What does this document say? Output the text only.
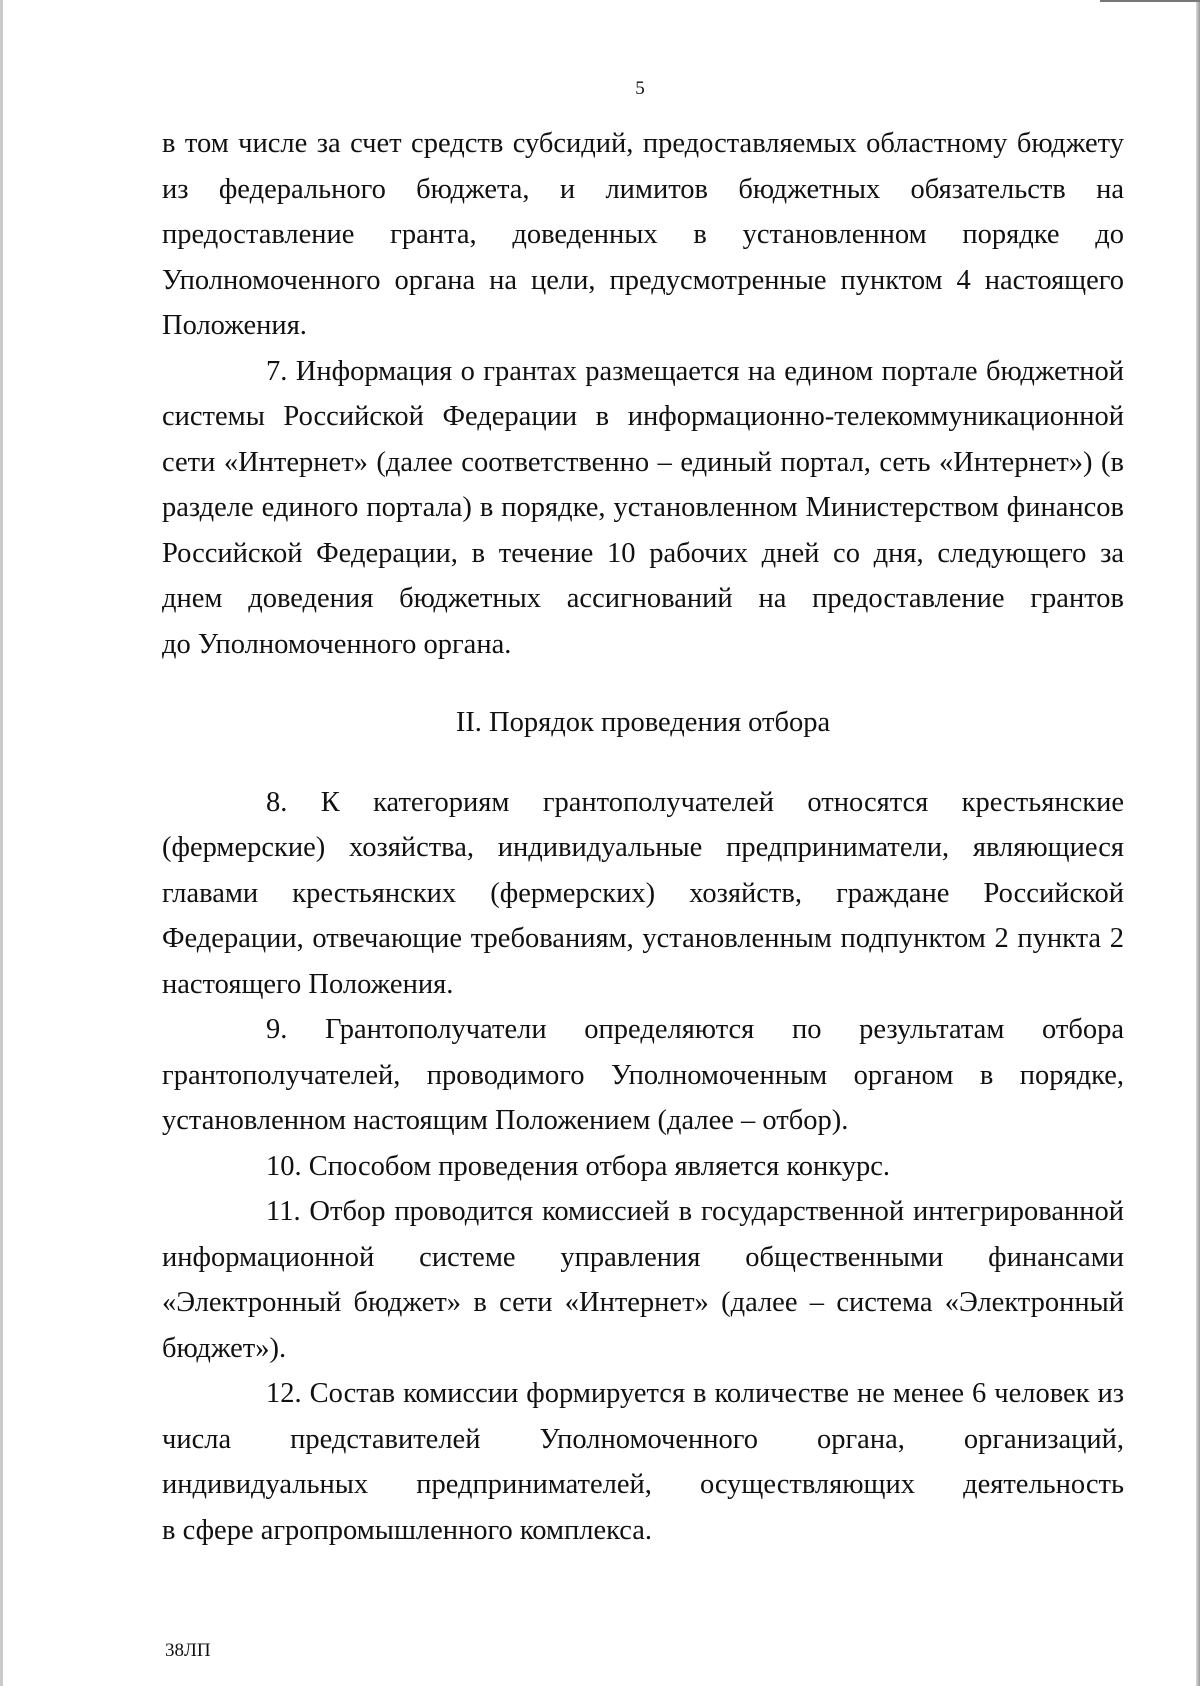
5

в том числе за счет средств субсидий, предоставляемых областному бюджету из федерального бюджета, и лимитов бюджетных обязательств на предоставление гранта, доведенных в установленном порядке до Уполномоченного органа на цели, предусмотренные пунктом 4 настоящего Положения.

7. Информация о грантах размещается на едином портале бюджетной системы Российской Федерации в информационно-телекоммуникационной сети «Интернет» (далее соответственно – единый портал, сеть «Интернет») (в разделе единого портала) в порядке, установленном Министерством финансов Российской Федерации, в течение 10 рабочих дней со дня, следующего за днем доведения бюджетных ассигнований на предоставление грантов

до Уполномоченного органа.

II. Порядок проведения отбора

8. К категориям грантополучателей относятся крестьянские (фермерские) хозяйства, индивидуальные предприниматели, являющиеся главами крестьянских (фермерских) хозяйств, граждане Российской Федерации, отвечающие требованиям, установленным подпунктом 2 пункта 2 настоящего Положения.

9. Грантополучатели определяются по результатам отбора грантополучателей, проводимого Уполномоченным органом в порядке, установленном настоящим Положением (далее – отбор).

10. Способом проведения отбора является конкурс.

11. Отбор проводится комиссией в государственной интегрированной информационной системе управления общественными финансами «Электронный бюджет» в сети «Интернет» (далее – система «Электронный бюджет»).

12. Состав комиссии формируется в количестве не менее 6 человек из числа представителей Уполномоченного органа, организаций, индивидуальных предпринимателей, осуществляющих деятельность

в сфере агропромышленного комплекса.

38ЛП
